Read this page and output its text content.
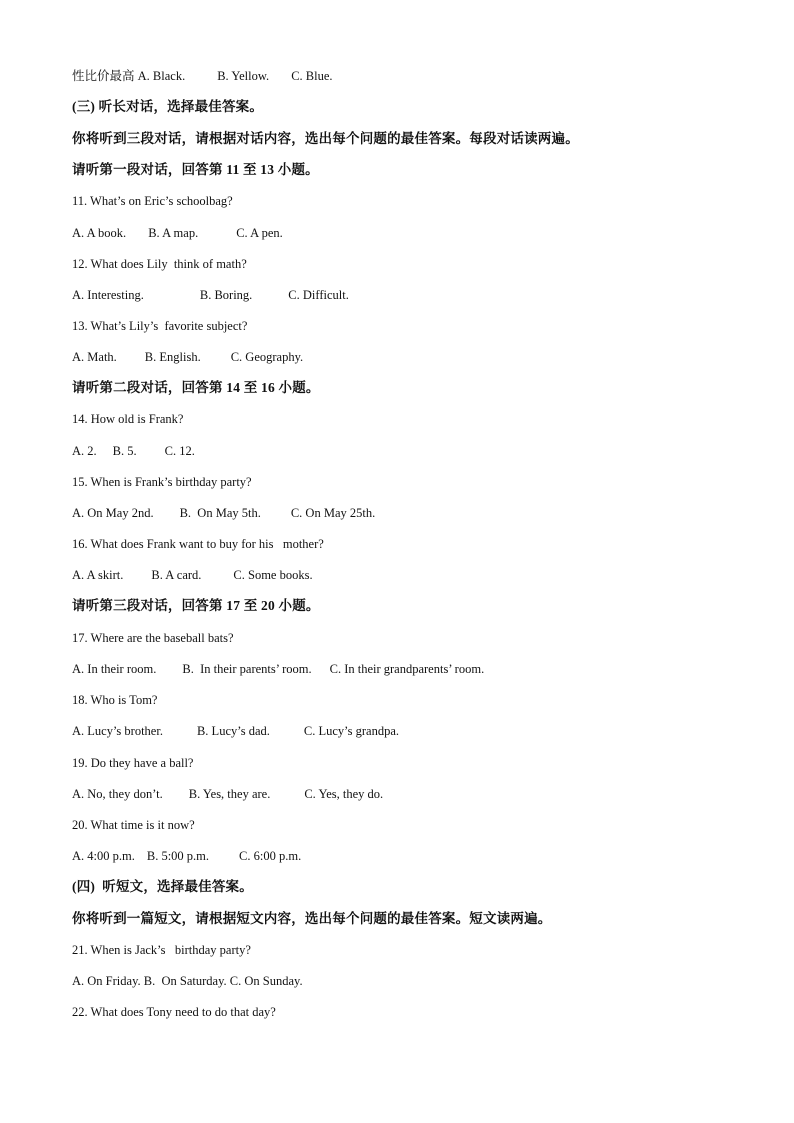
性比价最高 A. Black.	B. Yellow. C. Blue.
(三) 听长对话，选择最佳答案。
你将听到三段对话，请根据对话内容，选出每个问题的最佳答案。每段对话读两遍。
请听第一段对话，回答第 11 至 13 小题。
11. What’s on Eric’s schoolbag?
A. A book. B. A map.	C. A pen.
12. What does Lily  think of math?
A. Interesting.	B. Boring.	C. Difficult.
13. What’s Lily’s  favorite subject?
A. Math. B. English. C. Geography.
请听第二段对话，回答第 14 至 16 小题。
14. How old is Frank?
A. 2. B. 5. C. 12.
15. When is Frank’s birthday party?
A. On May 2nd. B.  On May 5th. C. On May 25th.
16. What does Frank want to buy for his   mother?
A. A skirt. B. A card.	C. Some books.
请听第三段对话，回答第 17 至 20 小题。
17. Where are the baseball bats?
A. In their room. B.  In their parents’ room. C. In their grandparents’ room.
18. Who is Tom?
A. Lucy’s brother.	B. Lucy’s dad.	C. Lucy’s grandpa.
19. Do they have a ball?
A. No, they don’t. B. Yes, they are.	C. Yes, they do.
20. What time is it now?
A. 4:00 p.m. B. 5:00 p.m. C. 6:00 p.m.
(四)  听短文，选择最佳答案。
你将听到一篇短文，请根据短文内容，选出每个问题的最佳答案。短文读两遍。
21. When is Jack’s   birthday party?
A. On Friday. B.  On Saturday. C. On Sunday.
22. What does Tony need to do that day?
